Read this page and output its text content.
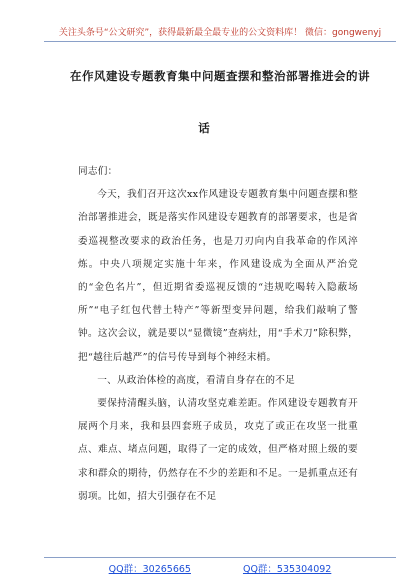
关注头条号“公文研究”，获得最新最全最专业的公文资料库！ 微信：gongwenyj
在作风建设专题教育集中问题查摆和整治部署推进会的讲
话

同志们：

今天，我们召开这次xx作风建设专题教育集中问题查摆和整治部署推进会，既是落实作风建设专题教育的部署要求，也是省委巡视整改要求的政治任务，也是刀刃向内自我革命的作风淬炼。中央八项规定实施十年来，作风建设成为全面从严治党的“金色名片”，但近期省委巡视反馈的“违规吃喝转入隐蔽场所”“电子红包代替土特产”等新型变异问题，给我们敲响了警钟。这次会议，就是要以“显微镜”查病灶，用“手术刀”除积弊，把“越往后越严”的信号传导到每个神经末梢。

一、从政治体检的高度，看清自身存在的不足

要保持清醒头脑，认清攻坚克难差距。作风建设专题教育开展两个月来，我和县四套班子成员，攻克了或正在攻坚一批重点、难点、堵点问题，取得了一定的成效，但严格对照上级的要求和群众的期待，仍然存在不少的差距和不足。一是抓重点还有弱项。比如，招大引强存在不足

QQ群：30265665	QQ群：535304092
